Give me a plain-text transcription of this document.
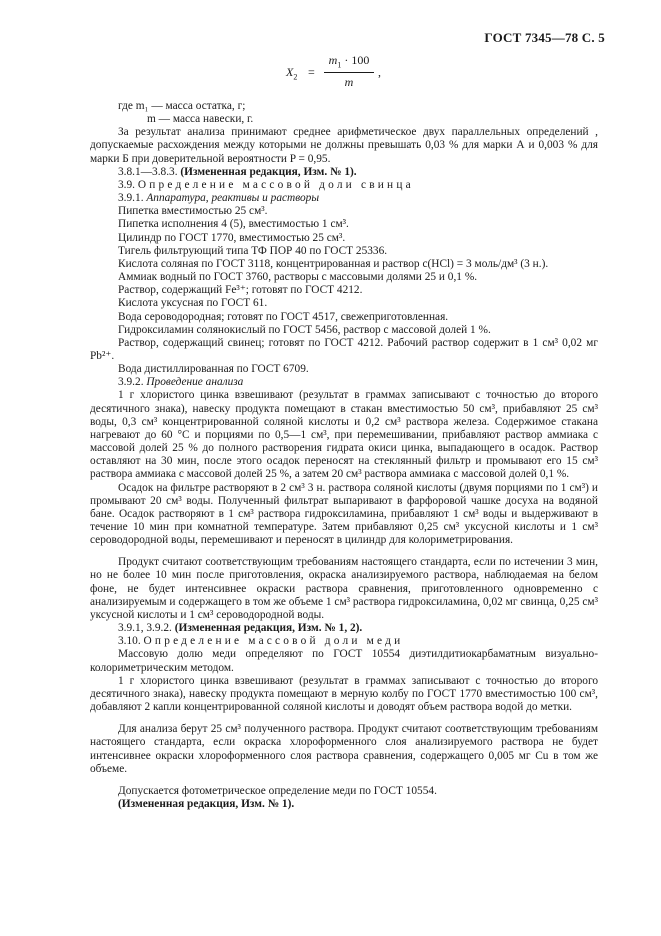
ГОСТ 7345—78 С. 5
$X_2$ =
$m_1 \cdot 100$
m
,

где m₁ — масса остатка, г;

m — масса навески, г.

За результат анализа принимают среднее арифметическое двух параллельных определений , допускаемые расхождения между которыми не должны превышать 0,03 % для марки А и 0,003 % для марки Б при доверительной вероятности P = 0,95.

3.8.1—3.8.3. (Измененная редакция, Изм. № 1).

3.9. Определение массовой доли свинца

3.9.1. Аппаратура, реактивы и растворы

Пипетка вместимостью 25 см³.

Пипетка исполнения 4 (5), вместимостью 1 см³.

Цилиндр по ГОСТ 1770, вместимостью 25 см³.

Тигель фильтрующий типа ТФ ПОР 40 по ГОСТ 25336.

Кислота соляная по ГОСТ 3118, концентрированная и раствор c(HCl) = 3 моль/дм³ (3 н.).

Аммиак водный по ГОСТ 3760, растворы с массовыми долями 25 и 0,1 %.

Раствор, содержащий Fe³⁺; готовят по ГОСТ 4212.

Кислота уксусная по ГОСТ 61.

Вода сероводородная; готовят по ГОСТ 4517, свежеприготовленная.

Гидроксиламин солянокислый по ГОСТ 5456, раствор с массовой долей 1 %.

Раствор, содержащий свинец; готовят по ГОСТ 4212. Рабочий раствор содержит в 1 см³ 0,02 мг Pb²⁺.

Вода дистиллированная по ГОСТ 6709.

3.9.2. Проведение анализа

1 г хлористого цинка взвешивают (результат в граммах записывают с точностью до второго десятичного знака), навеску продукта помещают в стакан вместимостью 50 см³, прибавляют 25 см³ воды, 0,3 см³ концентрированной соляной кислоты и 0,2 см³ раствора железа. Содержимое стакана нагревают до 60 °С и порциями по 0,5—1 см³, при перемешивании, прибавляют раствор аммиака с массовой долей 25 % до полного растворения гидрата окиси цинка, выпадающего в осадок. Раствор оставляют на 30 мин, после этого осадок переносят на стеклянный фильтр и промывают его 15 см³ раствора аммиака с массовой долей 25 %, а затем 20 см³ раствора аммиака с массовой долей 0,1 %.

Осадок на фильтре растворяют в 2 см³ 3 н. раствора соляной кислоты (двумя порциями по 1 см³) и промывают 20 см³ воды. Полученный фильтрат выпаривают в фарфоровой чашке досуха на водяной бане. Осадок растворяют в 1 см³ раствора гидроксиламина, прибавляют 1 см³ воды и выдерживают в течение 10 мин при комнатной температуре. Затем прибавляют 0,25 см³ уксусной кислоты и 1 см³ сероводородной воды, перемешивают и переносят в цилиндр для колориметрирования.

Продукт считают соответствующим требованиям настоящего стандарта, если по истечении 3 мин, но не более 10 мин после приготовления, окраска анализируемого раствора, наблюдаемая на белом фоне, не будет интенсивнее окраски раствора сравнения, приготовленного одновременно с анализируемым и содержащего в том же объеме 1 см³ раствора гидроксиламина, 0,02 мг свинца, 0,25 см³ уксусной кислоты и 1 см³ сероводородной воды.

3.9.1, 3.9.2. (Измененная редакция, Изм. № 1, 2).

3.10. Определение массовой доли меди

Массовую долю меди определяют по ГОСТ 10554 диэтилдитиокарбаматным визуально-колориметрическим методом.

1 г хлористого цинка взвешивают (результат в граммах записывают с точностью до второго десятичного знака), навеску продукта помещают в мерную колбу по ГОСТ 1770 вместимостью 100 см³, добавляют 2 капли концентрированной соляной кислоты и доводят объем раствора водой до метки.

Для анализа берут 25 см³ полученного раствора. Продукт считают соответствующим требованиям настоящего стандарта, если окраска хлороформенного слоя анализируемого раствора не будет интенсивнее окраски хлороформенного слоя раствора сравнения, содержащего 0,005 мг Cu в том же объеме.

Допускается фотометрическое определение меди по ГОСТ 10554.

(Измененная редакция, Изм. № 1).
